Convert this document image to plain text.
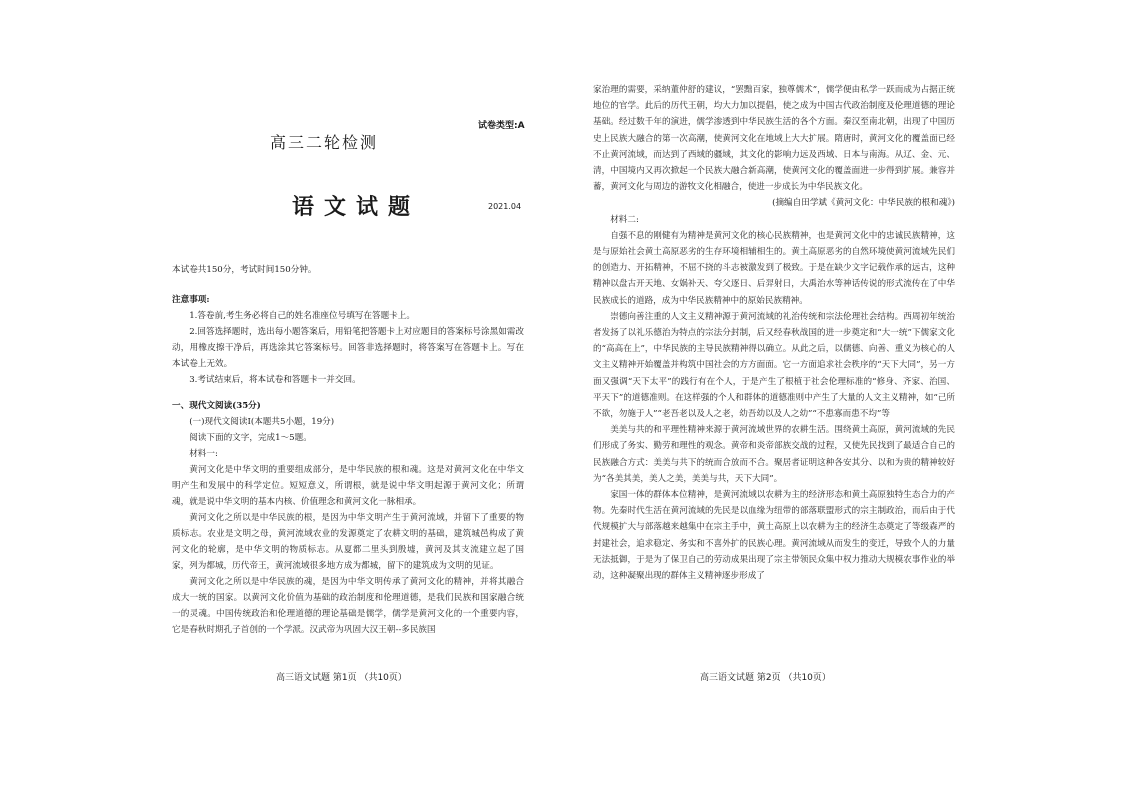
试卷类型:A
高三二轮检测
语文试题	2021.04

本试卷共150分，考试时间150分钟。

注意事项:

1.答卷前,考生务必将自己的姓名准座位号填写在答题卡上。

2.回答选择题时，选出每小题答案后，用铅笔把答题卡上对应题目的答案标号涂黑如需改动，用橡皮擦干净后，再选涂其它答案标号。回答非选择题时，将答案写在答题卡上。写在本试卷上无效。

3.考试结束后，将本试卷和答题卡一并交回。

一、现代文阅读(35分)

(一)现代文阅读Ⅰ(本题共5小题，19分)

阅读下面的文字，完成1～5题。

材料一:

黄河文化是中华文明的重要组成部分，是中华民族的根和魂。这是对黄河文化在中华文明产生和发展中的科学定位。短短意义，所谓根，就是说中华文明起源于黄河文化；所谓魂，就是说中华文明的基本内核、价值理念和黄河文化一脉相承。

黄河文化之所以是中华民族的根，是因为中华文明产生于黄河流域，并留下了重要的物质标志。农业是文明之母，黄河流域农业的发源奠定了农耕文明的基础，建筑城邑构成了黄河文化的轮廓，是中华文明的物质标志。从夏都二里头到殷墟，黄河及其支流建立起了国家，列为都城，历代帝王，黄河流域很多地方成为都城，留下的建筑成为文明的见证。

黄河文化之所以是中华民族的魂，是因为中华文明传承了黄河文化的精神，并将其融合成大一统的国家。以黄河文化价值为基础的政治制度和伦理道德，是我们民族和国家融合统一的灵魂。中国传统政治和伦理道德的理论基础是儒学，儒学是黄河文化的一个重要内容，它是春秋时期孔子首创的一个学派。汉武帝为巩固大汉王朝--多民族国

高三语文试题 第1页 （共10页）

家治理的需要，采纳董仲舒的建议，“罢黜百家，独尊儒术”，儒学便由私学一跃而成为占据正统地位的官学。此后的历代王朝，均大力加以提倡，使之成为中国古代政治制度及伦理道德的理论基础。经过数千年的演进，儒学渗透到中华民族生活的各个方面。秦汉至南北朝，出现了中国历史上民族大融合的第一次高潮，使黄河文化在地域上大大扩展。隋唐时，黄河文化的覆盖面已经不止黄河流域，而达到了西域的疆域，其文化的影响力远及西域、日本与南海。从辽、金、元、清，中国境内又再次掀起一个民族大融合新高潮，使黄河文化的覆盖面进一步得到扩展。兼容并蓄，黄河文化与周边的游牧文化相融合，使进一步成长为中华民族文化。

(摘编自田学斌《黄河文化：中华民族的根和魂》)

材料二:

自强不息的刚健有为精神是黄河文化的核心民族精神，也是黄河文化中的忠诚民族精神，这是与原始社会黄土高原恶劣的生存环境相辅相生的。黄土高原恶劣的自然环境使黄河流域先民们的创造力、开拓精神，不屈不挠的斗志被激发到了极致。于是在缺少文字记载作承的远古，这种精神以盘古开天地、女娲补天、夸父逐日、后羿射日，大禹治水等神话传说的形式流传在了中华民族成长的道路，成为中华民族精神中的原始民族精神。

崇德向善注重的人文主义精神源于黄河流域的礼治传统和宗法伦理社会结构。西周初年统治者发扬了以礼乐德治为特点的宗法分封制，后又经春秋战国的进一步奠定和“大一统”下儒家文化的“高高在上”，中华民族的主导民族精神得以确立。从此之后，以儒德、向善、重义为核心的人文主义精神开始覆盖并构筑中国社会的方方面面。它一方面追求社会秩序的“天下大同”，另一方面又强调“天下太平”的践行有在个人，于是产生了根植于社会伦理标准的“修身、齐家、治国、平天下”的道德准则。在这样强的个人和群体的道德准则中产生了大量的人文主义精神，如“己所不欲，勿施于人”“老吾老以及人之老，幼吾幼以及人之幼”“不患寡而患不均”等

美美与共的和平理性精神来源于黄河流域世界的农耕生活。围绕黄土高原，黄河流域的先民们形成了务实、勤劳和理性的观念。黄帝和炎帝部族交战的过程，又使先民找到了最适合自己的民族融合方式：美美与共下的统而合放而不合。聚居者证明这种各安其分、以和为贵的精神较好为“各美其美，美人之美，美美与共，天下大同”。

家国一体的群体本位精神，是黄河流域以农耕为主的经济形态和黄土高原独特生态合力的产物。先秦时代生活在黄河流域的先民是以血缘为纽带的部落联盟形式的宗主制政治，而后由于代代规模扩大与部落越来越集中在宗主手中，黄土高原上以农耕为主的经济生态奠定了等级森严的封建社会，追求稳定、务实和不喜外扩的民族心理。黄河流域从而发生的变迁，导致个人的力量无法抵御，于是为了保卫自己的劳动成果出现了宗主带领民众集中权力推动大规模农事作业的举动，这种凝聚出现的群体主义精神逐步形成了

高三语文试题 第2页 （共10页）
